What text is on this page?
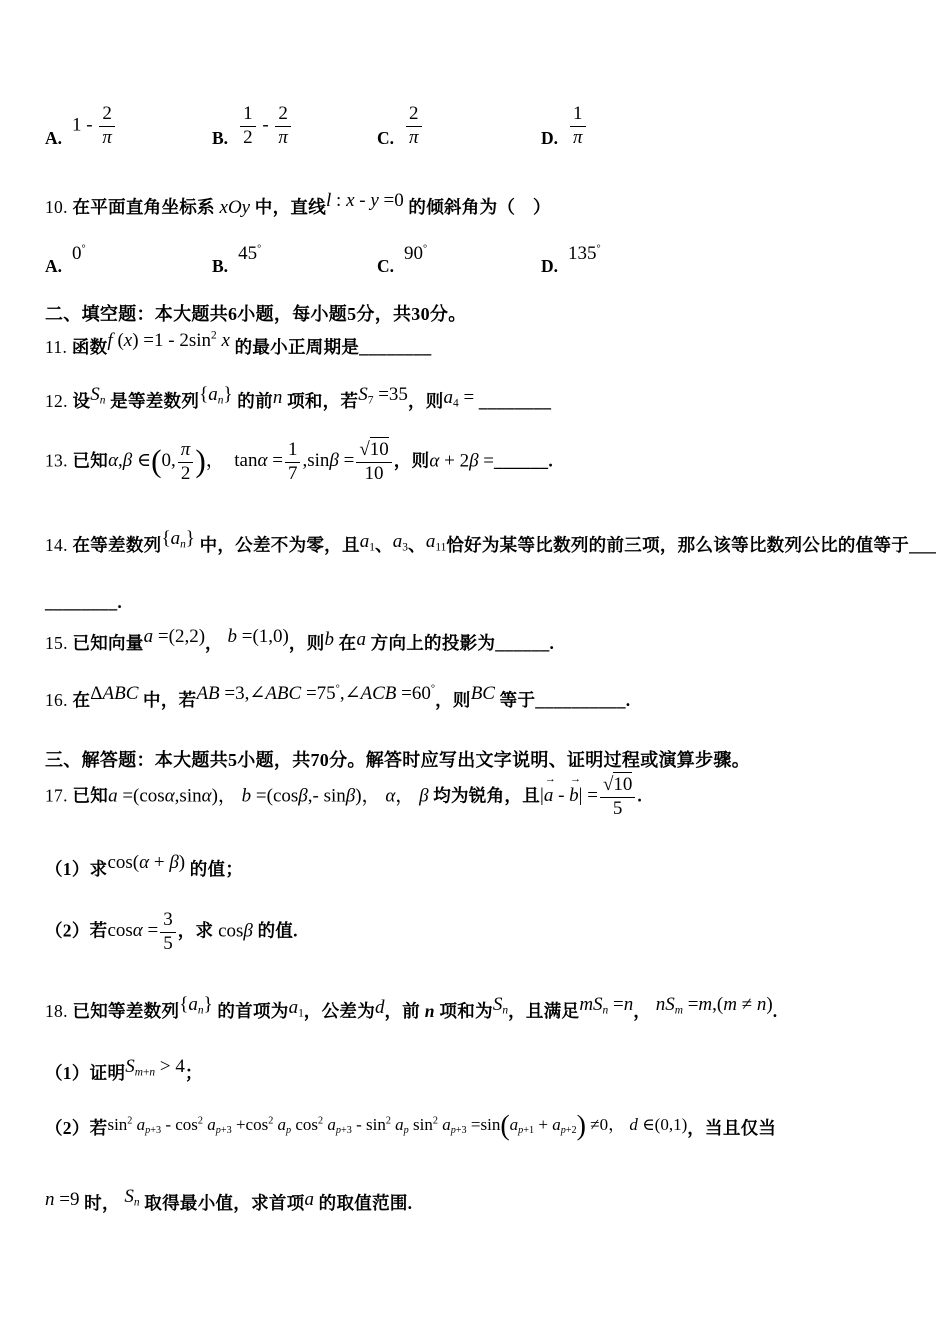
A.
$1 - \frac{2}{\pi}$	B. $\frac{1}{2} - \frac{2}{\pi}$	C. $\frac{2}{\pi}$	D. $\frac{1}{\pi}$
10. 在平面直角坐标系 xOy 中，直线l : x - y =0 的倾斜角为（　）
A.
0°
B.
45°
C.
90°
D.
135°
二、填空题：本大题共6小题，每小题5分，共30分。
11. 函数f $(x) =1 - 2\sin^2$ x 的最小正周期是________
12. 设$S_n$ 是等差数列$\{a_n\}$ 的前n 项和，若$S_7 =35$，则$a_4$ = ________
13. 已知α,β ∈(0, $\frac{\pi}{2}$ )，  $\tan\alpha = \frac{1}{7} ,\sin\beta = \frac{√10}{10}$ ，则α + 2β =______.
14. 在等差数列$\{a_n\}$ 中，公差不为零，且$a_1$、$a_3$、$a_{11}$恰好为某等比数列的前三项，那么该等比数列公比的值等于___
________.
15. 已知向量a =(2,2)， b =(1,0)，则b 在a 方向上的投影为______.
16. 在ΔABC 中，若AB =3,∠ABC =75°,∠ACB =60°，则BC 等于__________.
三、解答题：本大题共5小题，共70分。解答时应写出文字说明、证明过程或演算步骤。
17. 已知a =(cosα,sinα)， b =(cosβ,- sinβ)， α， β 均为锐角，且|a → - b →| = $\frac{√10}{5}$ .
（1）求cos(α + β) 的值；
（2）若$\cos\alpha = \frac{3}{5}$ ，求 cosβ 的值.
18. 已知等差数列$\{a_n\}$ 的首项为$a_1$，公差为d，前 n 项和为$S_n$，且满足$mS_n =n$， $nS_m =m,(m \ne n)$.
（1）证明$S_{m+n} > 4$；
（2）若$\sin^2 a_{p+3} - \cos^2 a_{p+3} +\cos^2$ $a_p$ $\cos^2 a_{p+3} - \sin^2 a_p$ $\sin^2 a_{p+3} =\sin(a_{p+1} + a_{p+2}) \ne 0$， d ∈(0,1)，当且仅当
n =9 时， $S_n$ 取得最小值，求首项a 的取值范围.
